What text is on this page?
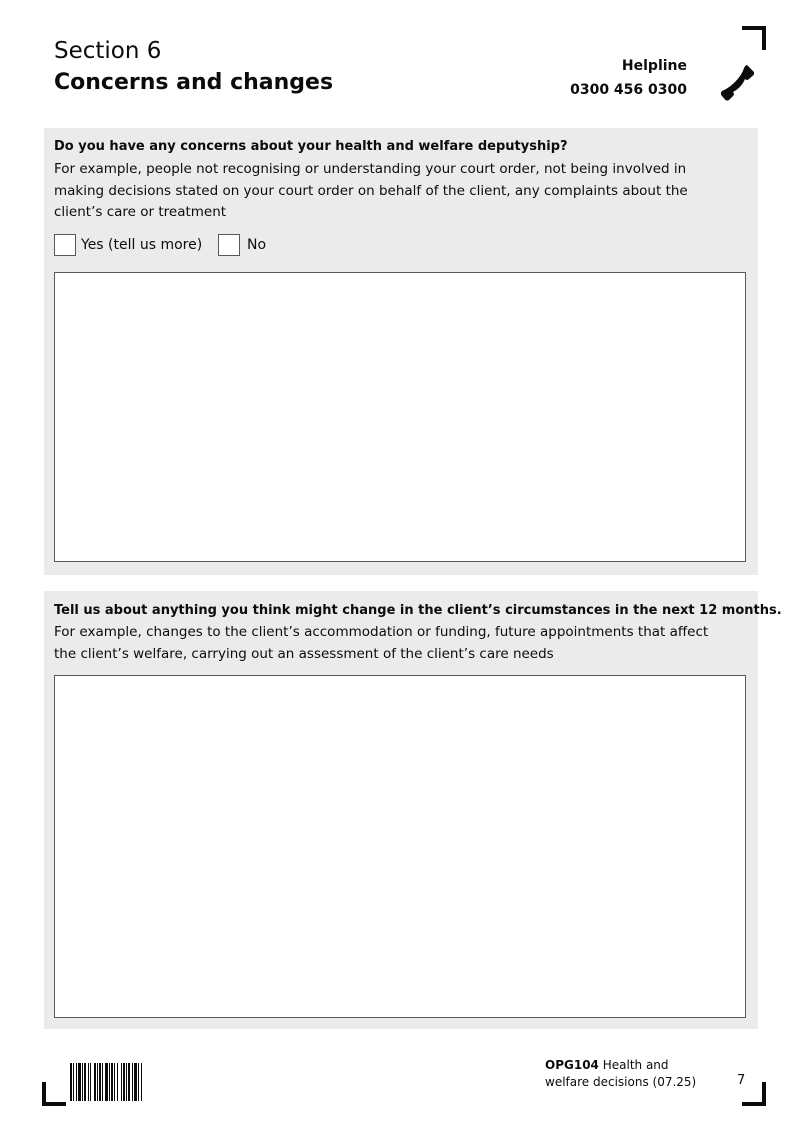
Section 6
Concerns and changes
Helpline
0300 456 0300
Do you have any concerns about your health and welfare deputyship?
For example, people not recognising or understanding your court order, not being involved in
making decisions stated on your court order on behalf of the client, any complaints about the
client’s care or treatment
Yes (tell us more)	No
Tell us about anything you think might change in the client’s circumstances in the next 12 months.
For example, changes to the client’s accommodation or funding, future appointments that affect
the client’s welfare, carrying out an assessment of the client’s care needs
OPG104 Health and
welfare decisions (07.25)	7
